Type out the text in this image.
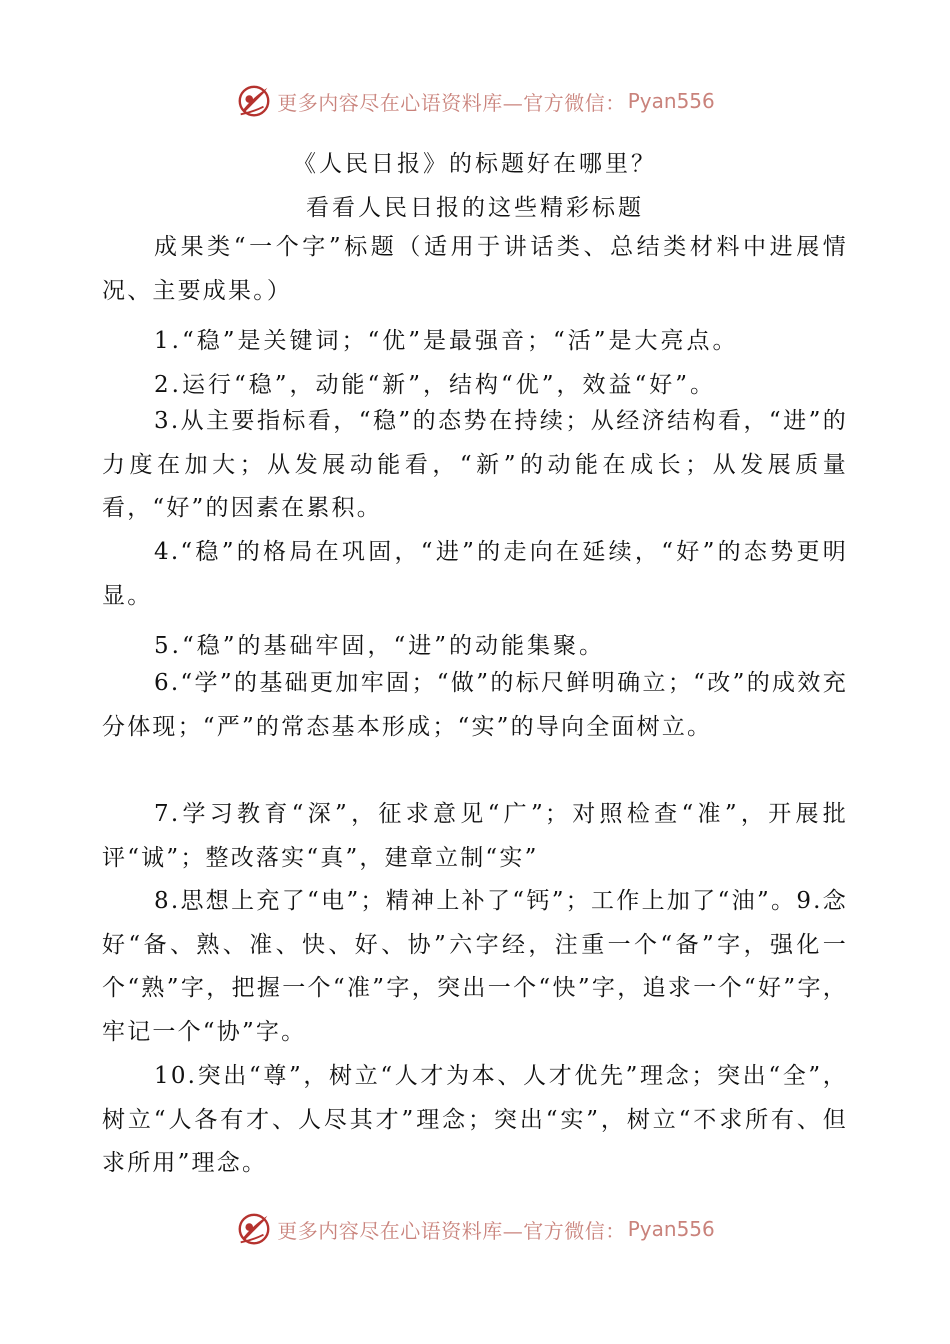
更多内容尽在心语资料库—官方微信： Pyan556
《人民日报》的标题好在哪里？
看看人民日报的这些精彩标题

成果类“一个字”标题（适用于讲话类、总结类材料中进展情况、主要成果。）

1.“稳”是关键词；“优”是最强音；“活”是大亮点。
2.运行“稳”，动能“新”，结构“优”，效益“好”。

3.从主要指标看，“稳”的态势在持续；从经济结构看，“进”的力度在加大；从发展动能看，“新”的动能在成长；从发展质量看，“好”的因素在累积。

4.“稳”的格局在巩固，“进”的走向在延续，“好”的态势更明显。

5.“稳”的基础牢固，“进”的动能集聚。

6.“学”的基础更加牢固；“做”的标尺鲜明确立；“改”的成效充分体现；“严”的常态基本形成；“实”的导向全面树立。

7.学习教育“深”，征求意见“广”；对照检查“准”，开展批评“诚”；整改落实“真”，建章立制“实”

8.思想上充了“电”；精神上补了“钙”；工作上加了“油”。9.念好“备、熟、准、快、好、协”六字经，注重一个“备”字，强化一个“熟”字，把握一个“准”字，突出一个“快”字，追求一个“好”字，牢记一个“协”字。

10.突出“尊”，树立“人才为本、人才优先”理念；突出“全”，树立“人各有才、人尽其才”理念；突出“实”，树立“不求所有、但求所用”理念。

更多内容尽在心语资料库—官方微信： Pyan556
